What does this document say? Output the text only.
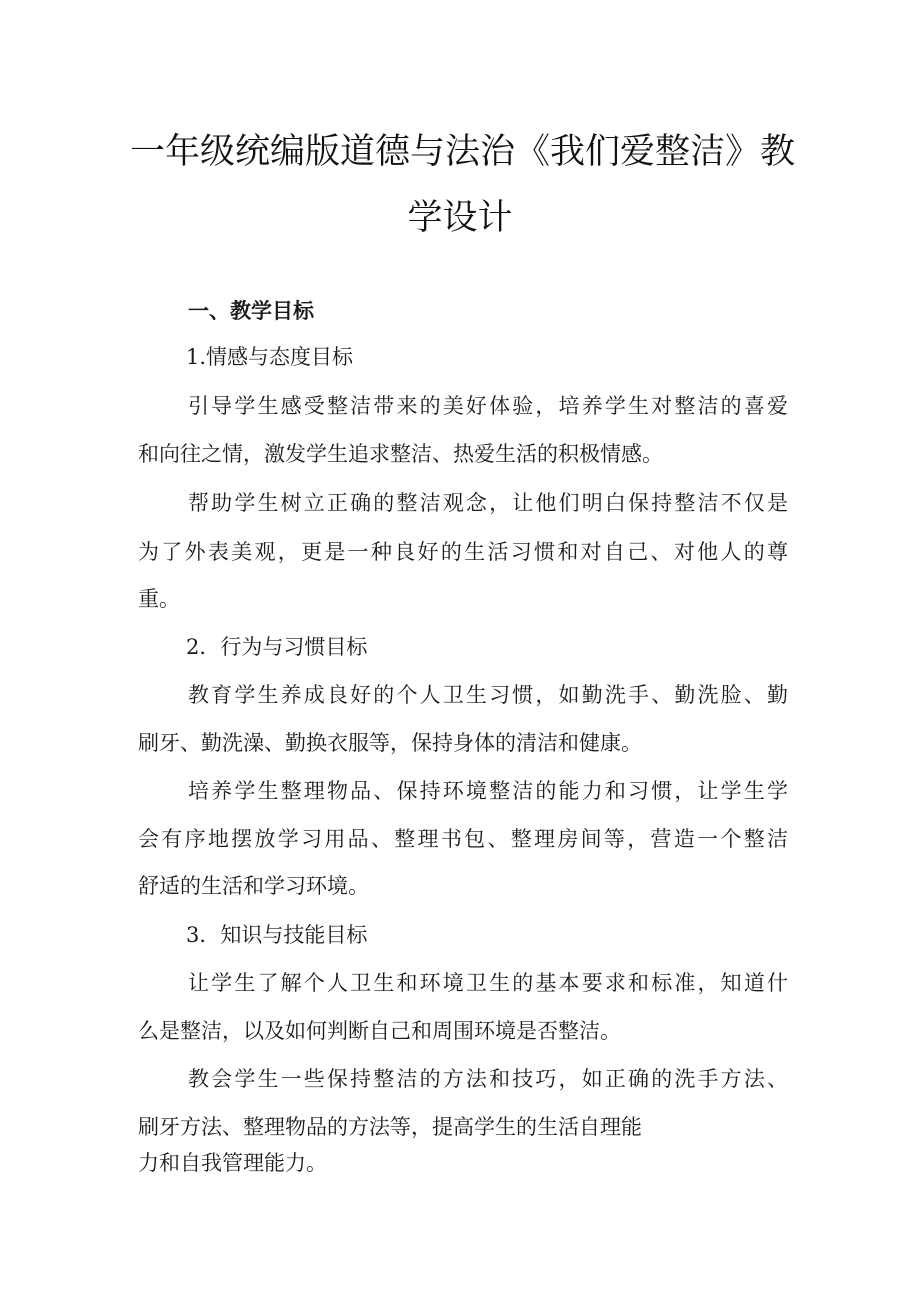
一年级统编版道德与法治《我们爱整洁》教
学设计
一、教学目标
1.情感与态度目标
引导学生感受整洁带来的美好体验，培养学生对整洁的喜爱
和向往之情，激发学生追求整洁、热爱生活的积极情感。
帮助学生树立正确的整洁观念，让他们明白保持整洁不仅是
为了外表美观，更是一种良好的生活习惯和对自己、对他人的尊
重。
2．行为与习惯目标
教育学生养成良好的个人卫生习惯，如勤洗手、勤洗脸、勤
刷牙、勤洗澡、勤换衣服等，保持身体的清洁和健康。
培养学生整理物品、保持环境整洁的能力和习惯，让学生学
会有序地摆放学习用品、整理书包、整理房间等，营造一个整洁
舒适的生活和学习环境。
3．知识与技能目标
让学生了解个人卫生和环境卫生的基本要求和标准，知道什
么是整洁，以及如何判断自己和周围环境是否整洁。
教会学生一些保持整洁的方法和技巧，如正确的洗手方法、
刷牙方法、整理物品的方法等，提高学生的生活自理能
力和自我管理能力。
